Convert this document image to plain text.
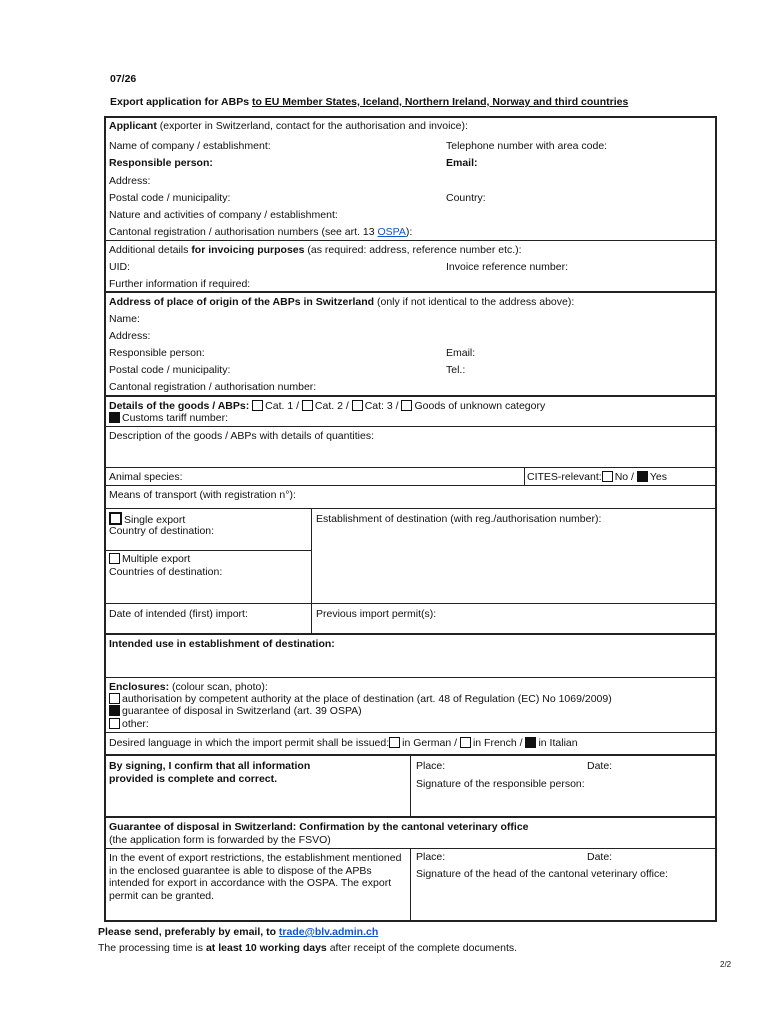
07/26
Export application for ABPs to EU Member States, Iceland, Northern Ireland, Norway and third countries
Applicant (exporter in Switzerland, contact for the authorisation and invoice):
Name of company / establishment:	Telephone number with area code:
Responsible person:	Email:
Address:
Postal code / municipality:	Country:
Nature and activities of company / establishment:
Cantonal registration / authorisation numbers (see art. 13 OSPA):
Additional details for invoicing purposes (as required: address, reference number etc.):
UID:	Invoice reference number:
Further information if required:
Address of place of origin of the ABPs in Switzerland (only if not identical to the address above):
Name:
Address:
Responsible person:	Email:
Postal code / municipality:	Tel.:
Cantonal registration / authorisation number:
Details of the goods / ABPs: Cat. 1 / Cat. 2 / Cat: 3 / Goods of unknown category
Customs tariff number:
Description of the goods / ABPs with details of quantities:
Animal species:	CITES-relevant: No / Yes
Means of transport (with registration n°):
Single export
Country of destination:
Establishment of destination (with reg./authorisation number):
Multiple export
Countries of destination:
Date of intended (first) import:	Previous import permit(s):
Intended use in establishment of destination:
Enclosures: (colour scan, photo):
authorisation by competent authority at the place of destination (art. 48 of Regulation (EC) No 1069/2009)
guarantee of disposal in Switzerland (art. 39 OSPA)
other:
Desired language in which the import permit shall be issued: in German / in French / in Italian
By signing, I confirm that all information
provided is complete and correct.
Place:	Date:
Signature of the responsible person:
Guarantee of disposal in Switzerland: Confirmation by the cantonal veterinary office
(the application form is forwarded by the FSVO)
In the event of export restrictions, the establishment mentioned in the enclosed guarantee is able to dispose of the APBs intended for export in accordance with the OSPA. The export permit can be granted.
Place:	Date:
Signature of the head of the cantonal veterinary office:
Please send, preferably by email, to trade@blv.admin.ch
The processing time is at least 10 working days after receipt of the complete documents.
2/2
